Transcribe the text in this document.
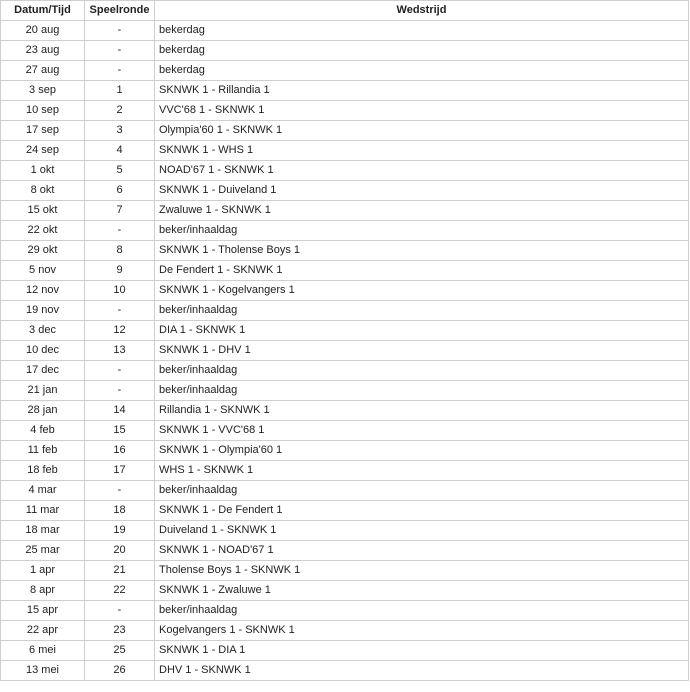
Datum/Tijd	Speelronde	Wedstrijd
20 aug	-	bekerdag
23 aug	-	bekerdag
27 aug	-	bekerdag
3 sep	1	SKNWK 1 - Rillandia 1
10 sep	2	VVC'68 1 - SKNWK 1
17 sep	3	Olympia'60 1 - SKNWK 1
24 sep	4	SKNWK 1 - WHS 1
1 okt	5	NOAD'67 1 - SKNWK 1
8 okt	6	SKNWK 1 - Duiveland 1
15 okt	7	Zwaluwe 1 - SKNWK 1
22 okt	-	beker/inhaaldag
29 okt	8	SKNWK 1 - Tholense Boys 1
5 nov	9	De Fendert 1 - SKNWK 1
12 nov	10	SKNWK 1 - Kogelvangers 1
19 nov	-	beker/inhaaldag
3 dec	12	DIA 1 - SKNWK 1
10 dec	13	SKNWK 1 - DHV 1
17 dec	-	beker/inhaaldag
21 jan	-	beker/inhaaldag
28 jan	14	Rillandia 1 - SKNWK 1
4 feb	15	SKNWK 1 - VVC'68 1
11 feb	16	SKNWK 1 - Olympia'60 1
18 feb	17	WHS 1 - SKNWK 1
4 mar	-	beker/inhaaldag
11 mar	18	SKNWK 1 - De Fendert 1
18 mar	19	Duiveland 1 - SKNWK 1
25 mar	20	SKNWK 1 - NOAD'67 1
1 apr	21	Tholense Boys 1 - SKNWK 1
8 apr	22	SKNWK 1 - Zwaluwe 1
15 apr	-	beker/inhaaldag
22 apr	23	Kogelvangers 1 - SKNWK 1
6 mei	25	SKNWK 1 - DIA 1
13 mei	26	DHV 1 - SKNWK 1
